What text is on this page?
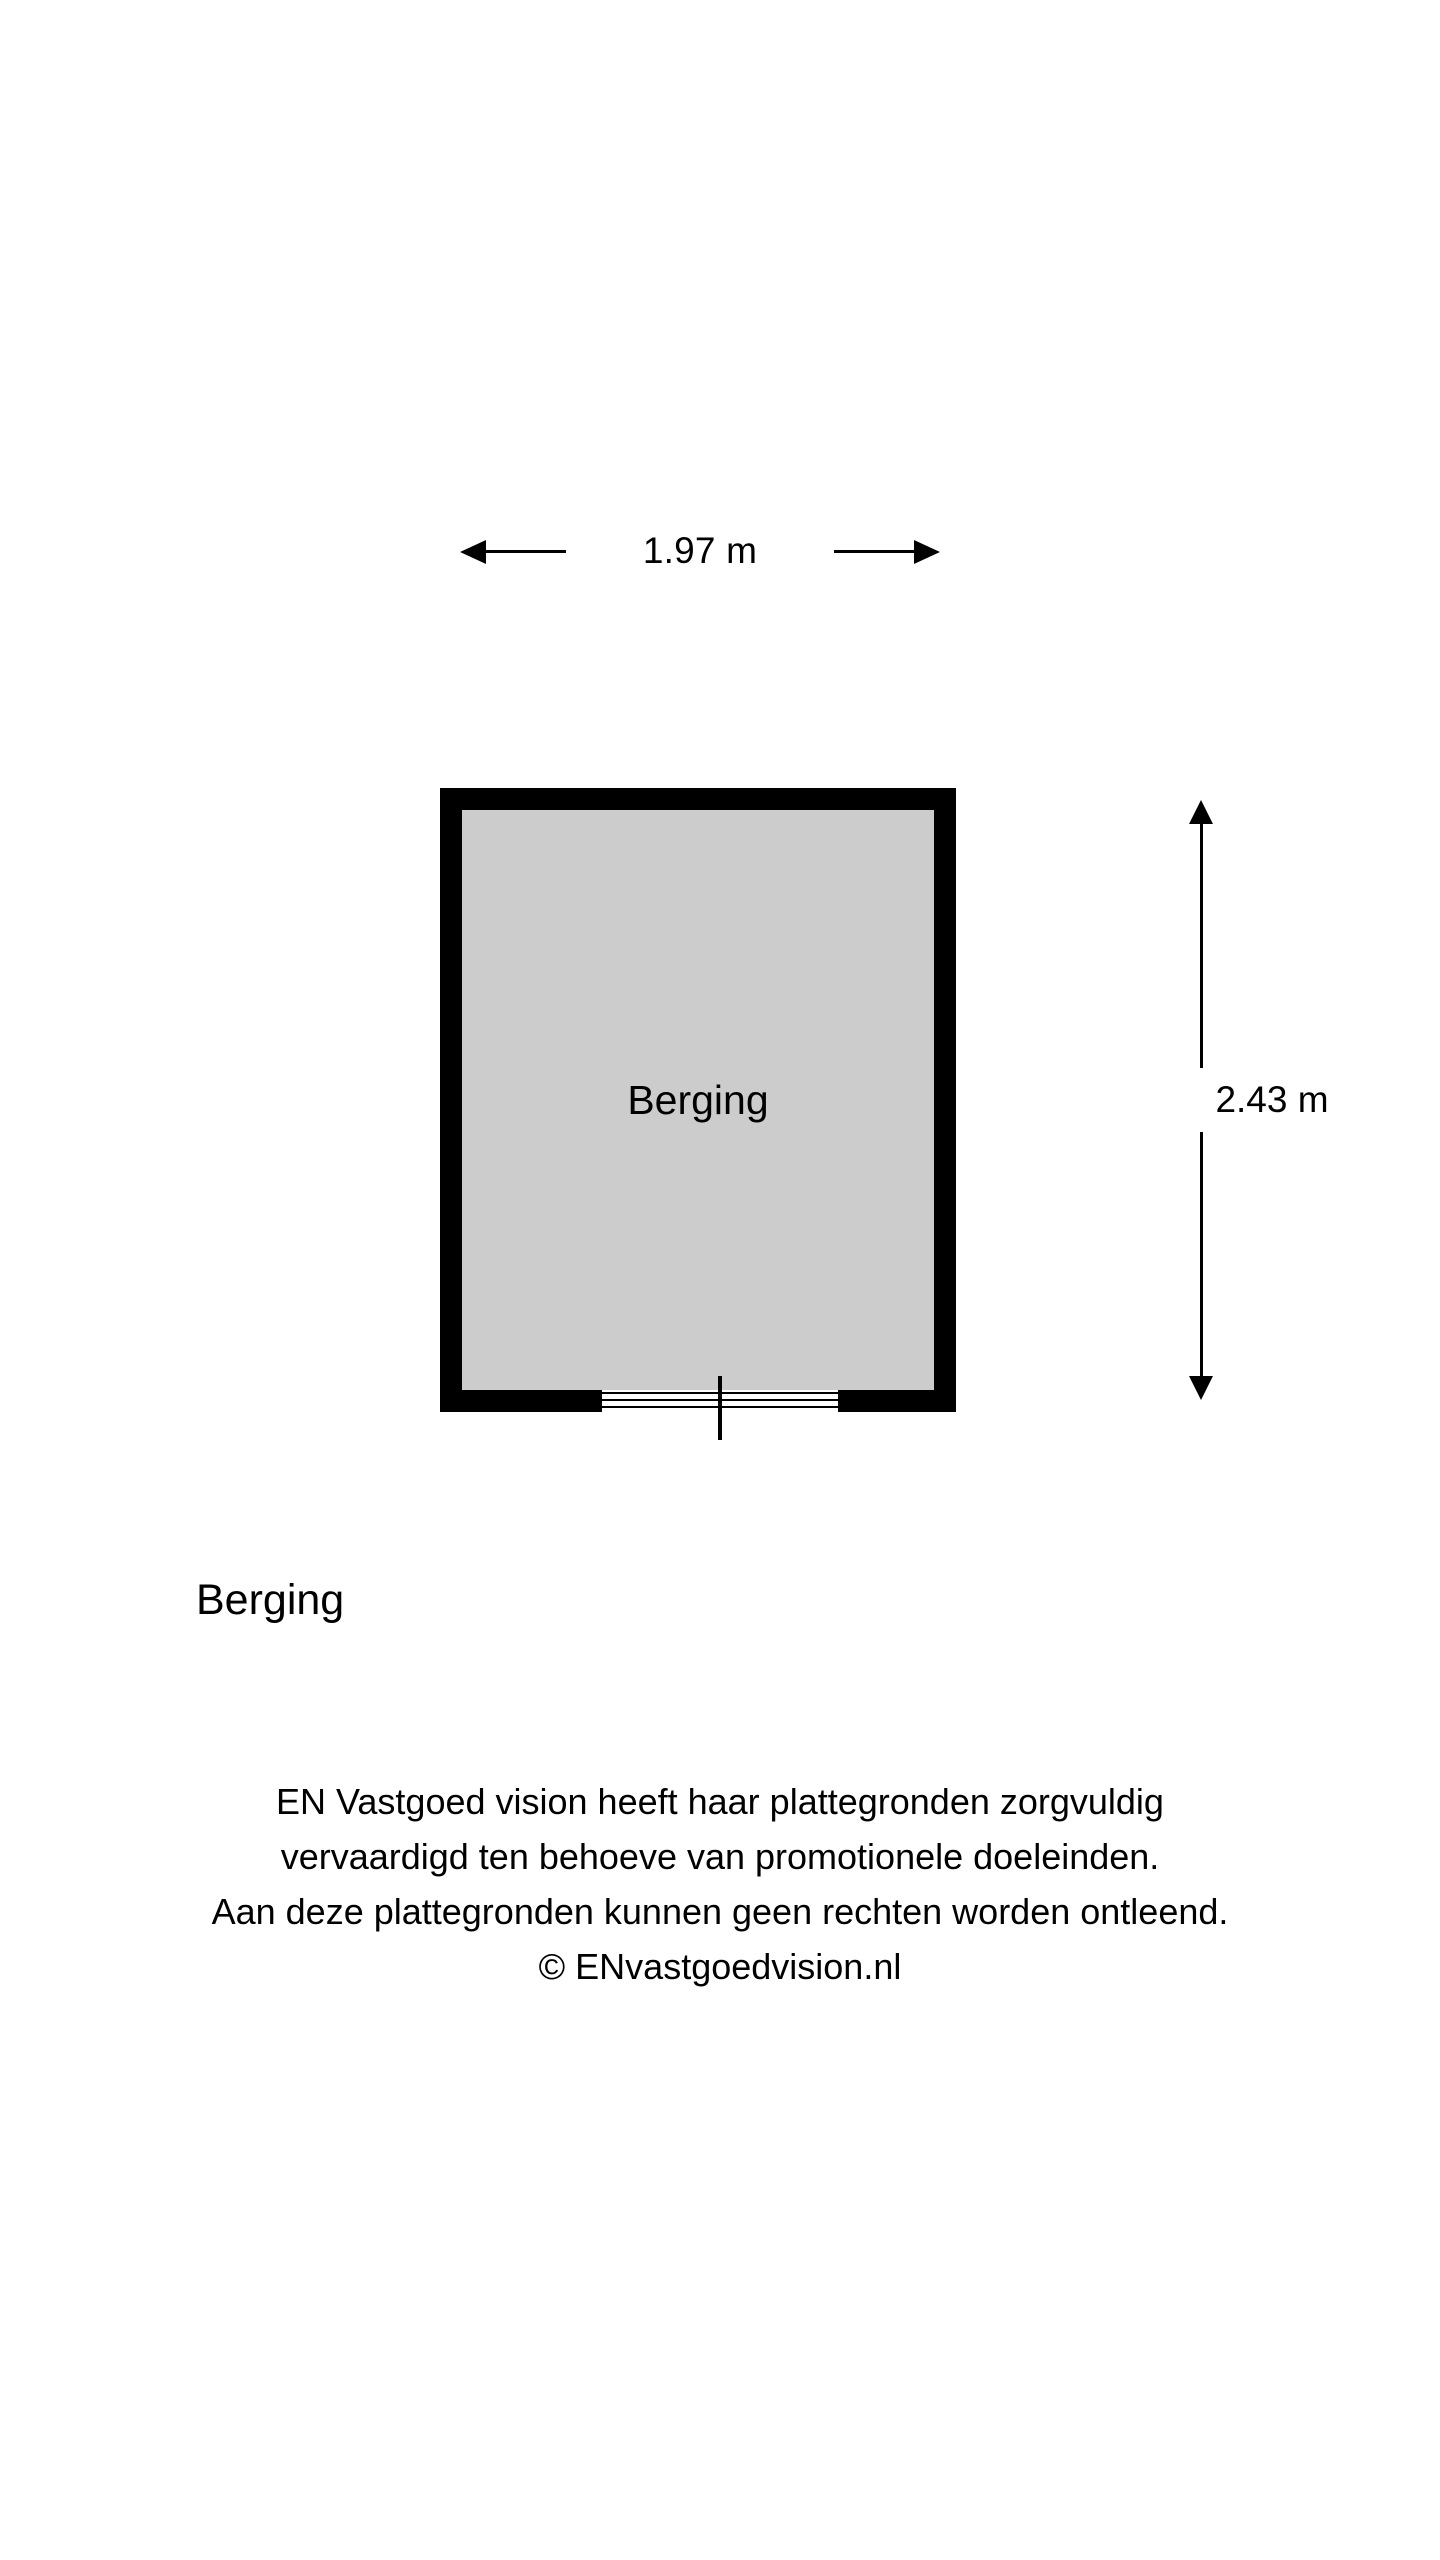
1.97 m
2.43 m
Berging
Berging

EN Vastgoed vision heeft haar plattegronden zorgvuldig

vervaardigd ten behoeve van promotionele doeleinden.

Aan deze plattegronden kunnen geen rechten worden ontleend.

© ENvastgoedvision.nl
